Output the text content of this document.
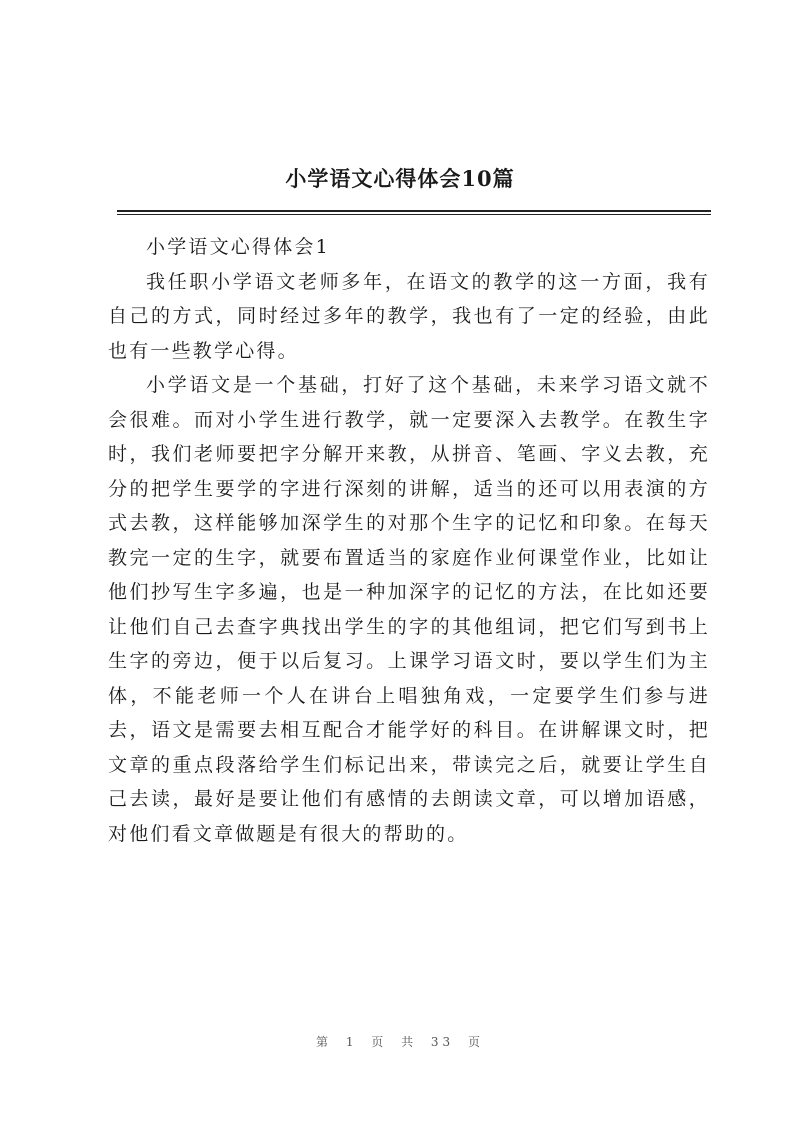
小学语文心得体会10篇

小学语文心得体会1

我任职小学语文老师多年，在语文的教学的这一方面，我有自己的方式，同时经过多年的教学，我也有了一定的经验，由此也有一些教学心得。

小学语文是一个基础，打好了这个基础，未来学习语文就不会很难。而对小学生进行教学，就一定要深入去教学。在教生字时，我们老师要把字分解开来教，从拼音、笔画、字义去教，充分的把学生要学的字进行深刻的讲解，适当的还可以用表演的方式去教，这样能够加深学生的对那个生字的记忆和印象。在每天教完一定的生字，就要布置适当的家庭作业何课堂作业，比如让他们抄写生字多遍，也是一种加深字的记忆的方法，在比如还要让他们自己去查字典找出学生的字的其他组词，把它们写到书上生字的旁边，便于以后复习。上课学习语文时，要以学生们为主体，不能老师一个人在讲台上唱独角戏，一定要学生们参与进去，语文是需要去相互配合才能学好的科目。在讲解课文时，把文章的重点段落给学生们标记出来，带读完之后，就要让学生自己去读，最好是要让他们有感情的去朗读文章，可以增加语感，对他们看文章做题是有很大的帮助的。

第 1 页 共 33 页
